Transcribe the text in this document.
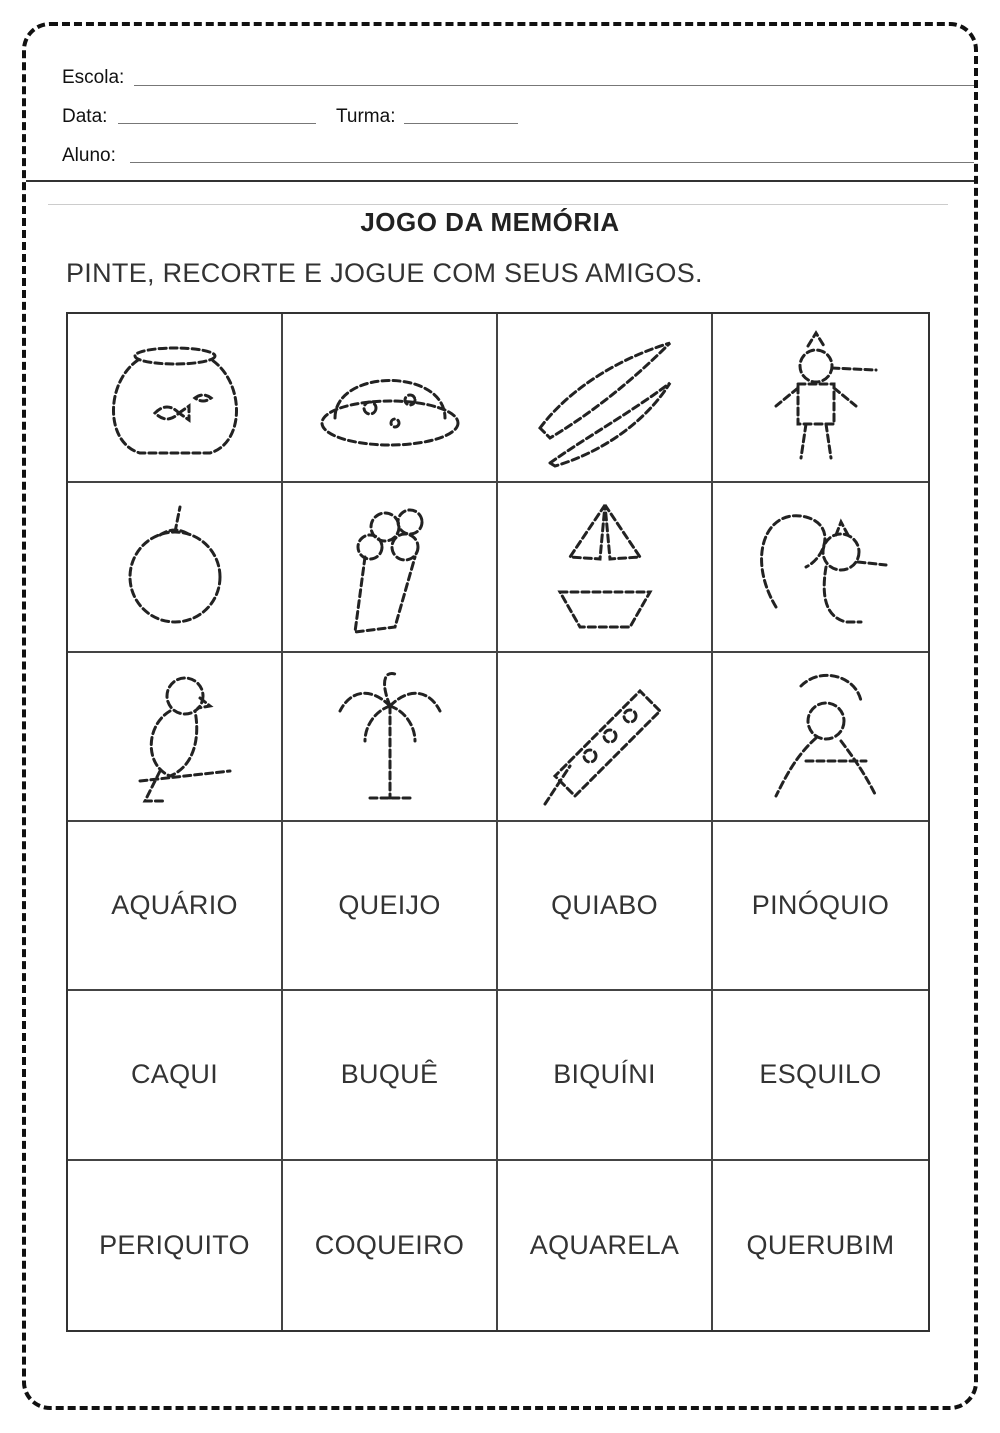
Escola:
Data:	Turma:
Aluno:
JOGO DA MEMÓRIA
PINTE, RECORTE E JOGUE COM SEUS AMIGOS.
AQUÁRIO	QUEIJO	QUIABO	PINÓQUIO
CAQUI	BUQUÊ	BIQUÍNI	ESQUILO
PERIQUITO COQUEIRO AQUARELA QUERUBIM
